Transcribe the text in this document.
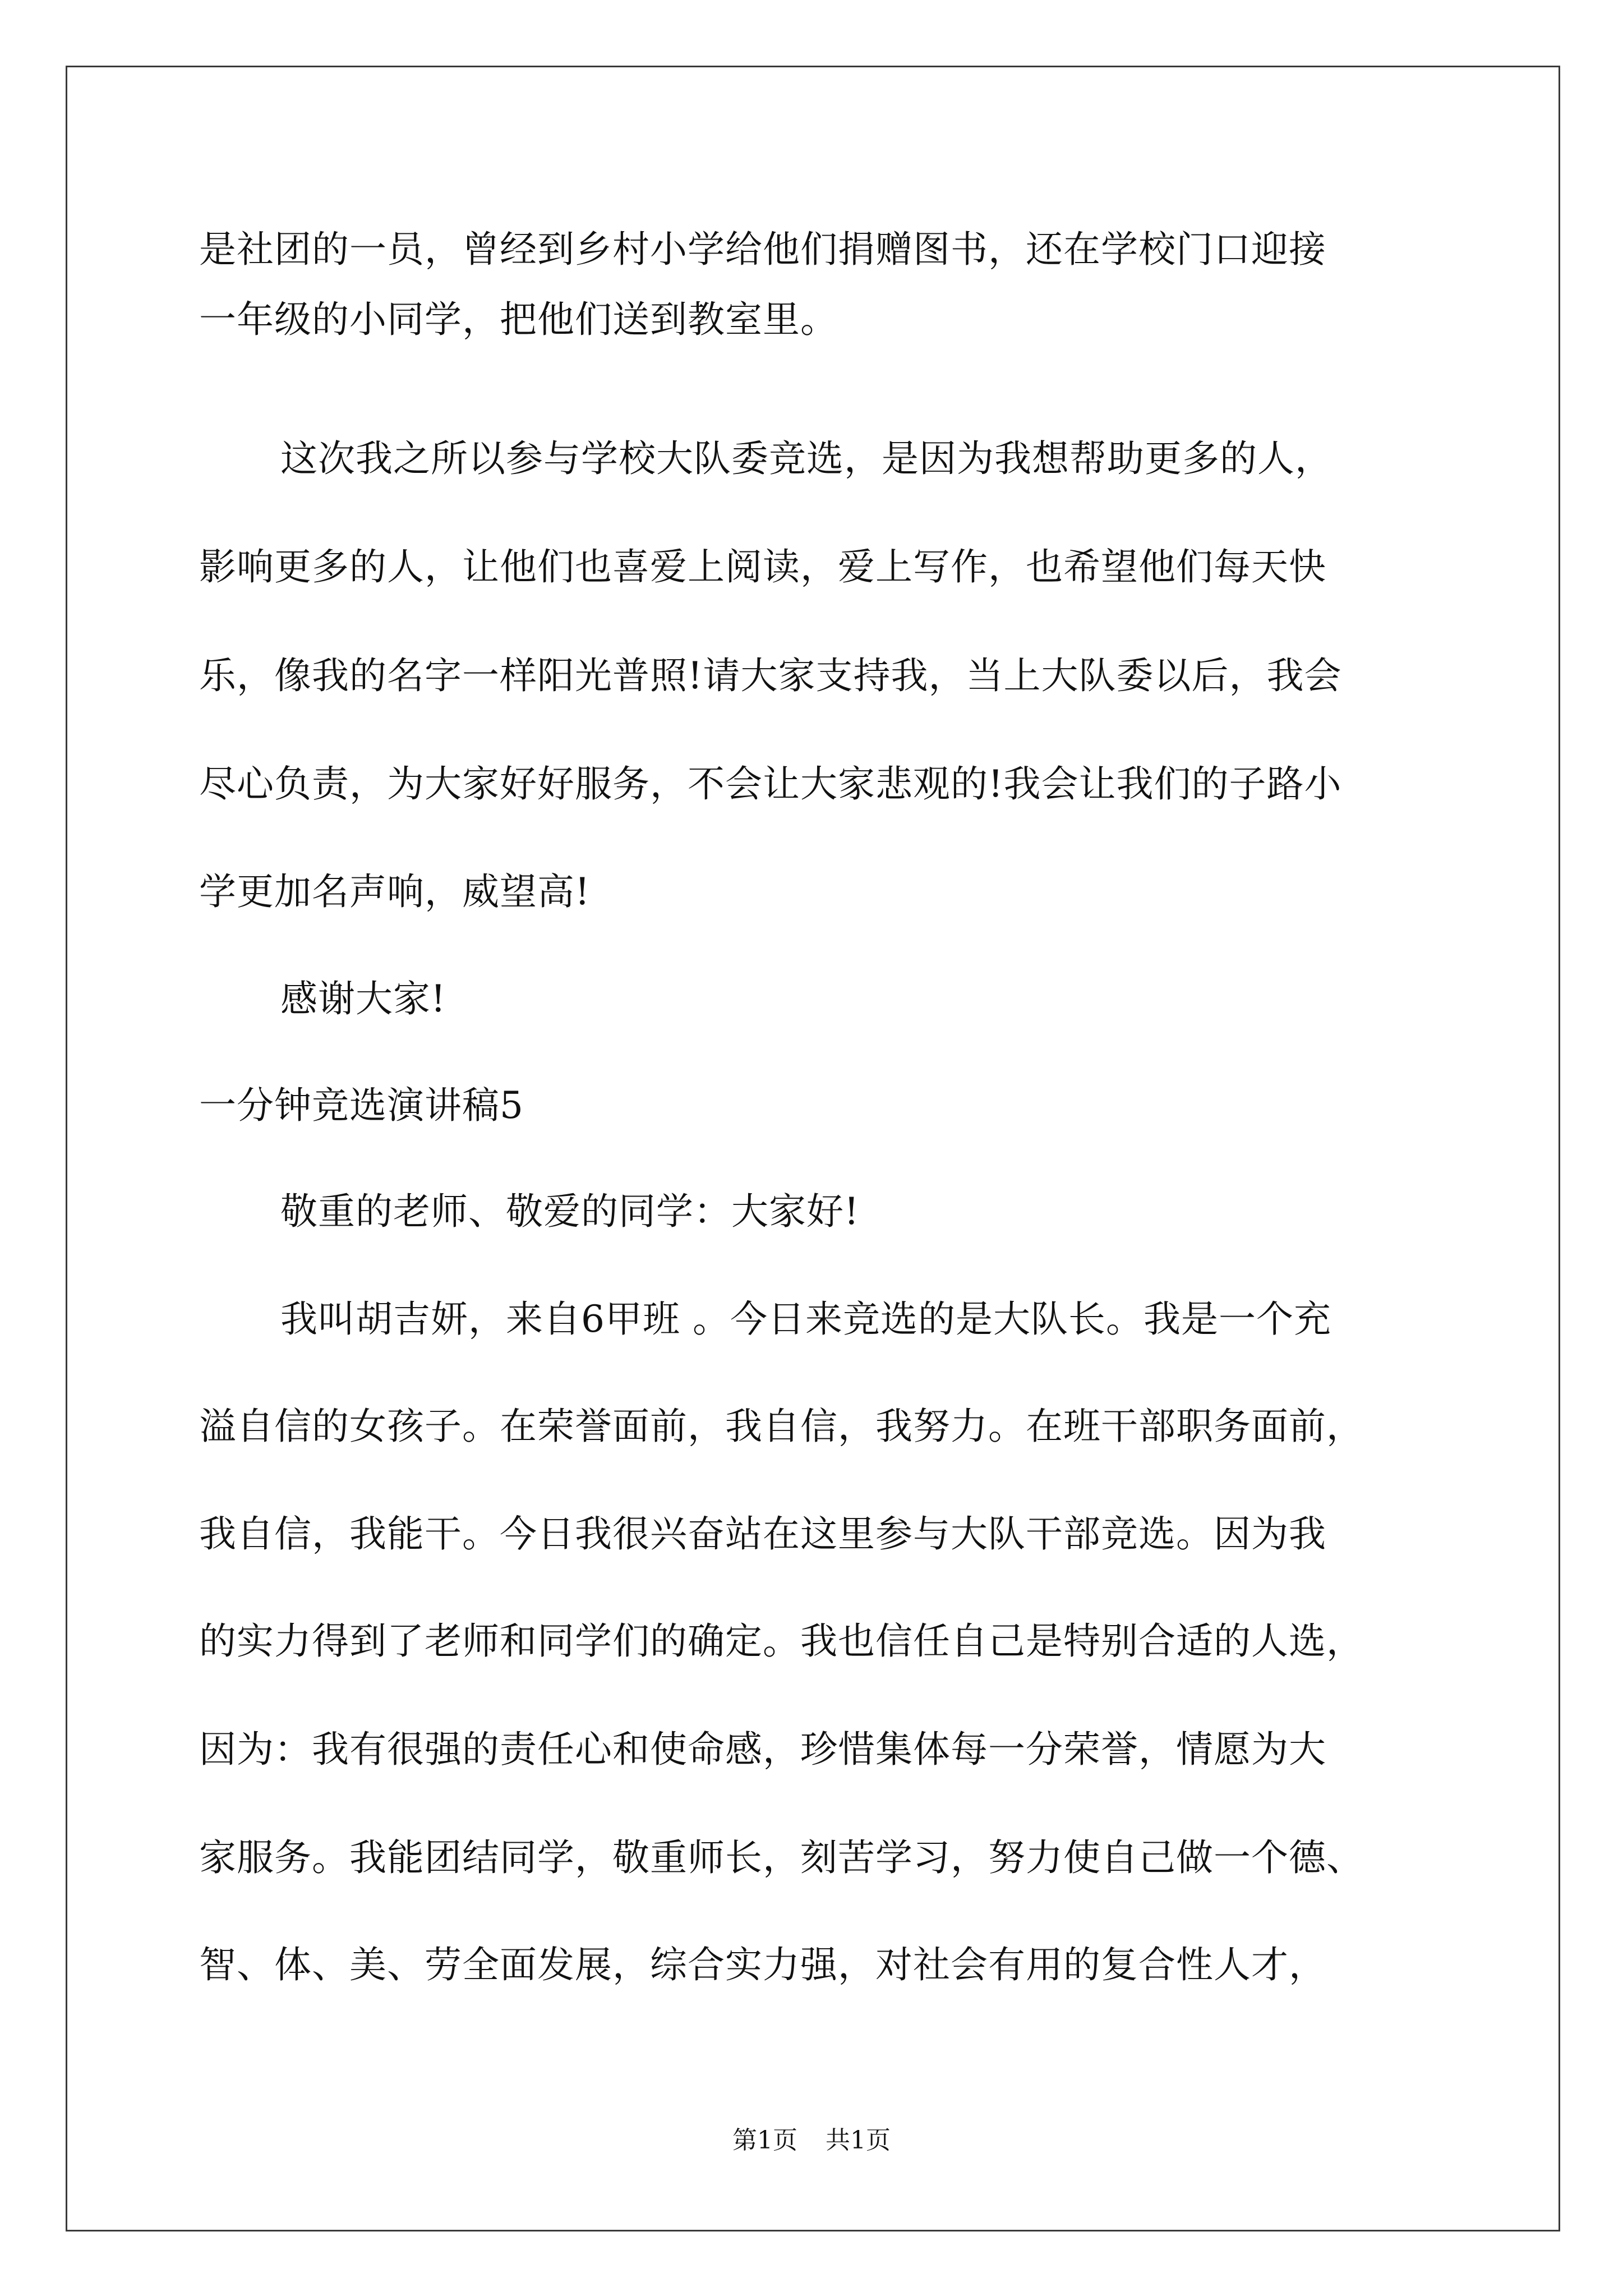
是社团的一员，曾经到乡村小学给他们捐赠图书，还在学校门口迎接
一年级的小同学，把他们送到教室里。
这次我之所以参与学校大队委竞选，是因为我想帮助更多的人，
影响更多的人，让他们也喜爱上阅读，爱上写作，也希望他们每天快
乐，像我的名字一样阳光普照!请大家支持我，当上大队委以后，我会
尽心负责，为大家好好服务，不会让大家悲观的!我会让我们的子路小
学更加名声响，威望高!
感谢大家!
一分钟竞选演讲稿5
敬重的老师、敬爱的同学：大家好!
我叫胡吉妍，来自6甲班 。今日来竞选的是大队长。我是一个充
溢自信的女孩子。在荣誉面前，我自信，我努力。在班干部职务面前，
我自信，我能干。今日我很兴奋站在这里参与大队干部竞选。因为我
的实力得到了老师和同学们的确定。我也信任自己是特别合适的人选，
因为：我有很强的责任心和使命感，珍惜集体每一分荣誉，情愿为大
家服务。我能团结同学，敬重师长，刻苦学习，努力使自己做一个德、
智、体、美、劳全面发展，综合实力强，对社会有用的复合性人才，
第1页 共1页
